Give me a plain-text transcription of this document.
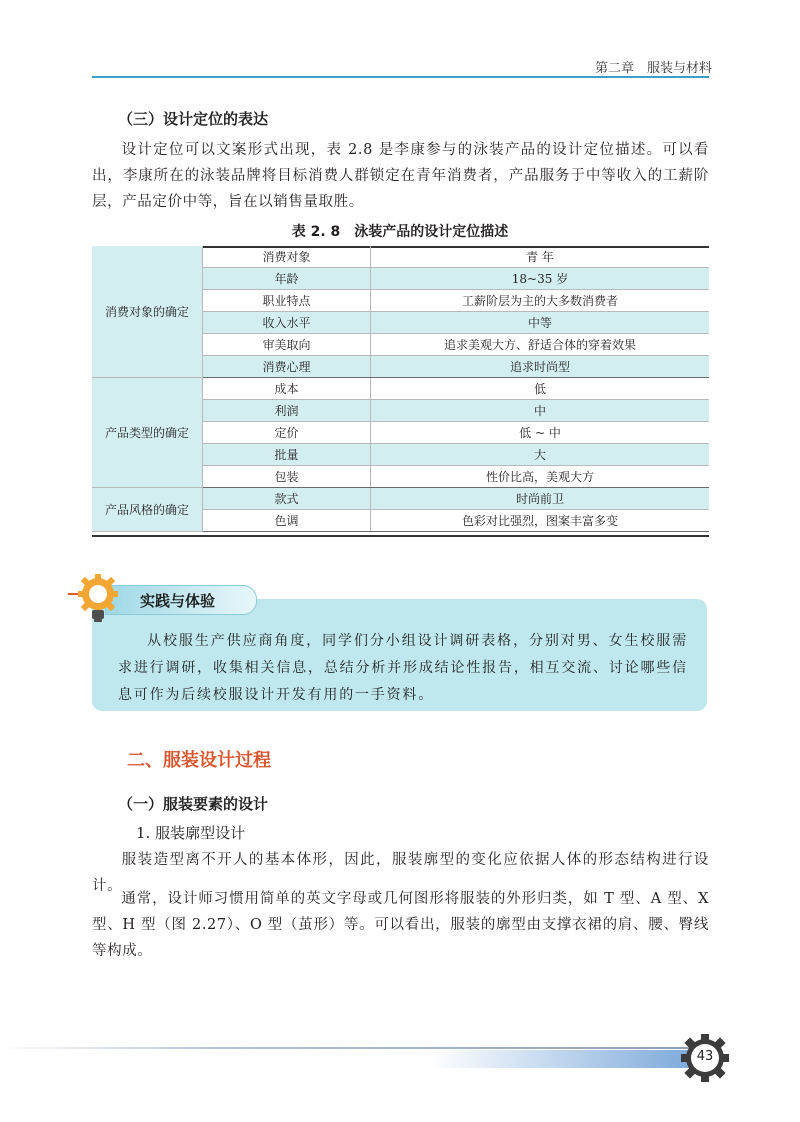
第二章　服装与材料
（三）设计定位的表达
设计定位可以文案形式出现，表 2.8 是李康参与的泳装产品的设计定位描述。可以看出，李康所在的泳装品牌将目标消费人群锁定在青年消费者，产品服务于中等收入的工薪阶层，产品定价中等，旨在以销售量取胜。
表 2. 8　泳装产品的设计定位描述
消费对象的确定	消费对象	青 年
	年龄	18~35 岁
	职业特点	工薪阶层为主的大多数消费者
	收入水平	中等
	审美取向	追求美观大方、舒适合体的穿着效果
	消费心理	追求时尚型
产品类型的确定	成本	低
	利润	中
	定价	低 ~ 中
	批量	大
	包装	性价比高，美观大方
产品风格的确定	款式	时尚前卫
	色调	色彩对比强烈，图案丰富多变
实践与体验
从校服生产供应商角度，同学们分小组设计调研表格，分别对男、女生校服需求进行调研，收集相关信息，总结分析并形成结论性报告，相互交流、讨论哪些信息可作为后续校服设计开发有用的一手资料。
二、服装设计过程
（一）服装要素的设计
1. 服装廓型设计
服装造型离不开人的基本体形，因此，服装廓型的变化应依据人体的形态结构进行设计。
通常，设计师习惯用简单的英文字母或几何图形将服装的外形归类，如 T 型、A 型、X 型、H 型（图 2.27）、O 型（茧形）等。可以看出，服装的廓型由支撑衣裙的肩、腰、臀线等构成。
43
